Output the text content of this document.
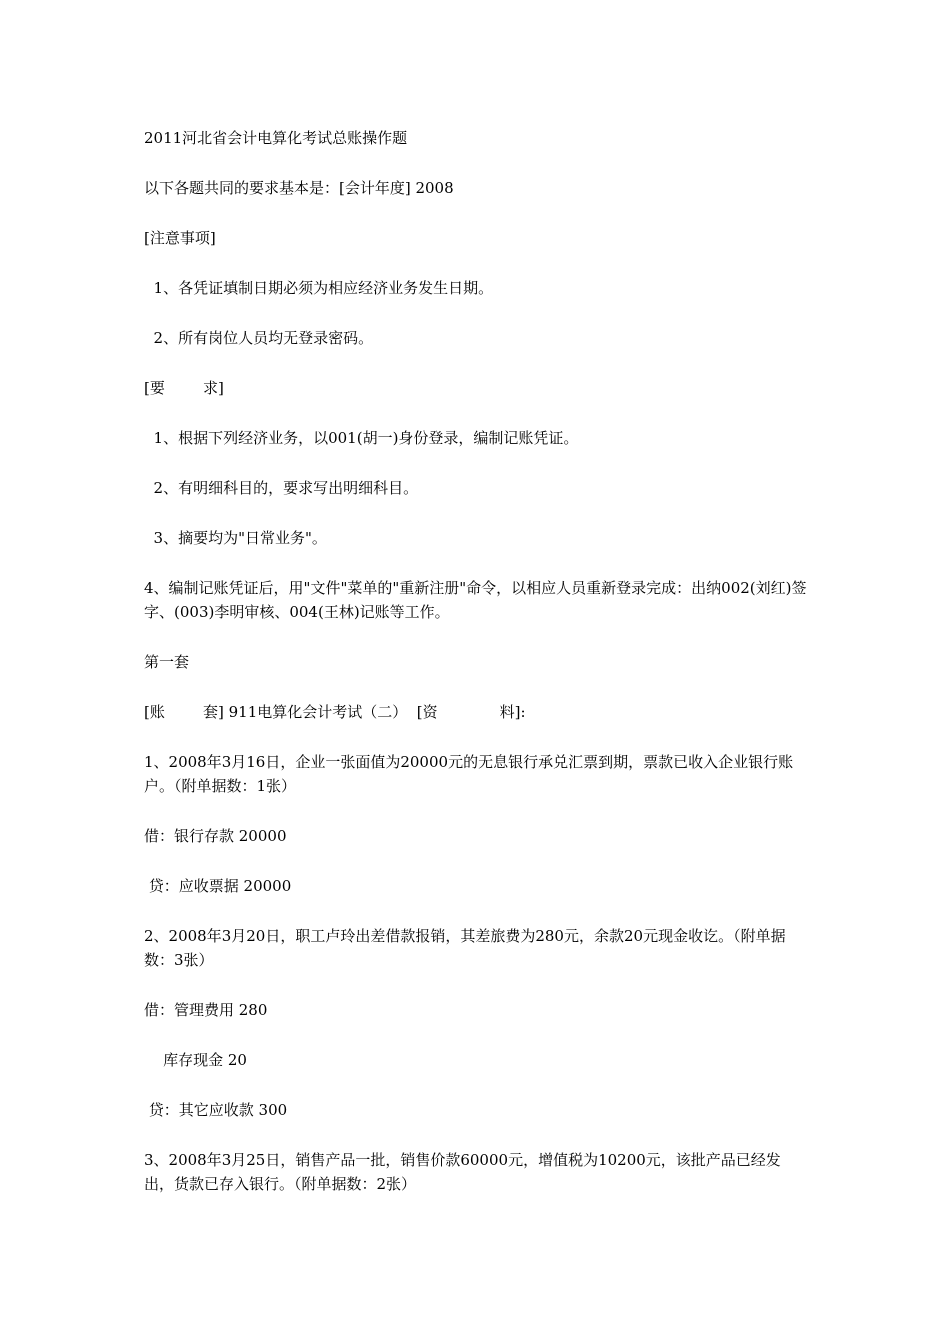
2011河北省会计电算化考试总账操作题
以下各题共同的要求基本是：[会计年度] 2008
[注意事项]
1、各凭证填制日期必须为相应经济业务发生日期。
2、所有岗位人员均无登录密码。
[要        求]
1、根据下列经济业务，以001(胡一)身份登录，编制记账凭证。
2、有明细科目的，要求写出明细科目。
3、摘要均为"日常业务"。
4、编制记账凭证后，用"文件"菜单的"重新注册"命令，以相应人员重新登录完成：出纳002(刘红)签字、(003)李明审核、004(王林)记账等工作。
第一套
[账        套] 911电算化会计考试（二）  [资             料]:
1、2008年3月16日，企业一张面值为20000元的无息银行承兑汇票到期，票款已收入企业银行账户。（附单据数：1张）
借：银行存款 20000
贷：应收票据 20000
2、2008年3月20日，职工卢玲出差借款报销，其差旅费为280元，余款20元现金收讫。（附单据数：3张）
借：管理费用 280
库存现金 20
贷：其它应收款 300
3、2008年3月25日，销售产品一批，销售价款60000元，增值税为10200元，该批产品已经发出，货款已存入银行。（附单据数：2张）
